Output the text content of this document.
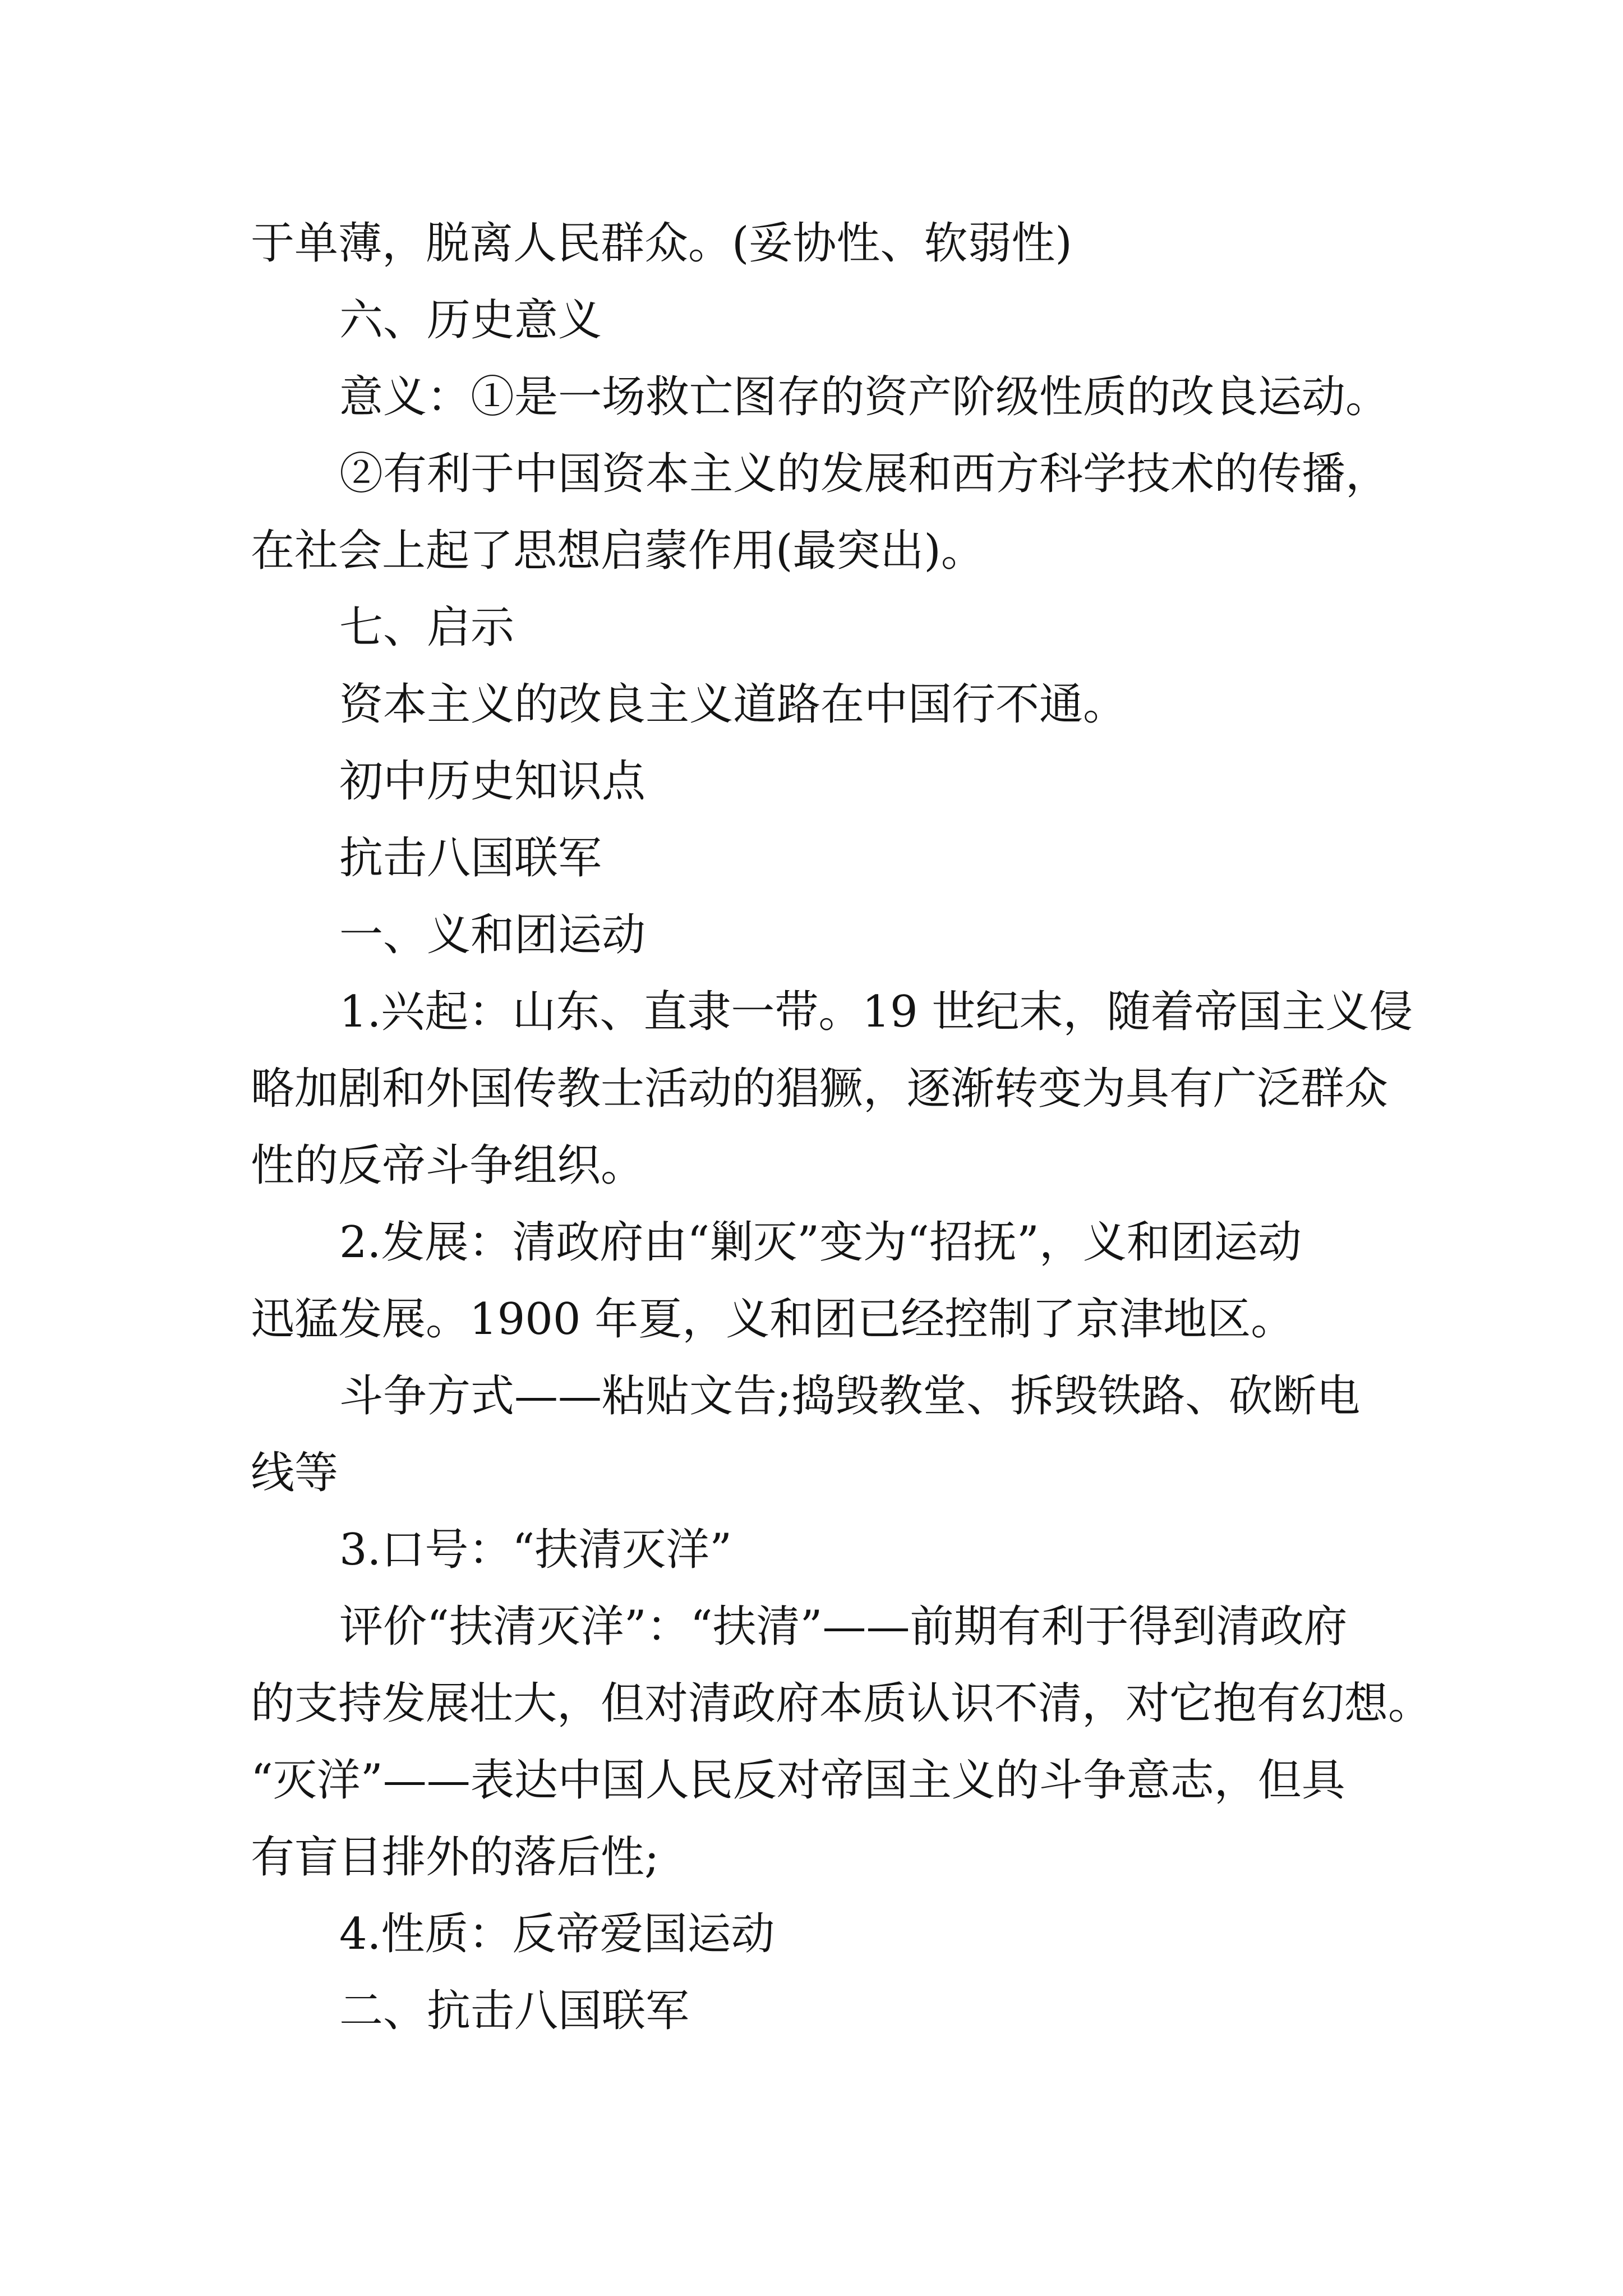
于单薄，脱离人民群众。(妥协性、软弱性)
六、历史意义
意义：①是一场救亡图存的资产阶级性质的改良运动。
②有利于中国资本主义的发展和西方科学技术的传播，
在社会上起了思想启蒙作用(最突出)。
七、启示
资本主义的改良主义道路在中国行不通。
初中历史知识点
抗击八国联军
一、义和团运动
1.兴起：山东、直隶一带。19 世纪末，随着帝国主义侵
略加剧和外国传教士活动的猖獗，逐渐转变为具有广泛群众
性的反帝斗争组织。
2.发展：清政府由“剿灭”变为“招抚”，义和团运动
迅猛发展。1900 年夏，义和团已经控制了京津地区。
斗争方式——粘贴文告;捣毁教堂、拆毁铁路、砍断电
线等
3.口号：“扶清灭洋”
评价“扶清灭洋”：“扶清”——前期有利于得到清政府
的支持发展壮大，但对清政府本质认识不清，对它抱有幻想。
“灭洋”——表达中国人民反对帝国主义的斗争意志，但具
有盲目排外的落后性;
4.性质：反帝爱国运动
二、抗击八国联军
